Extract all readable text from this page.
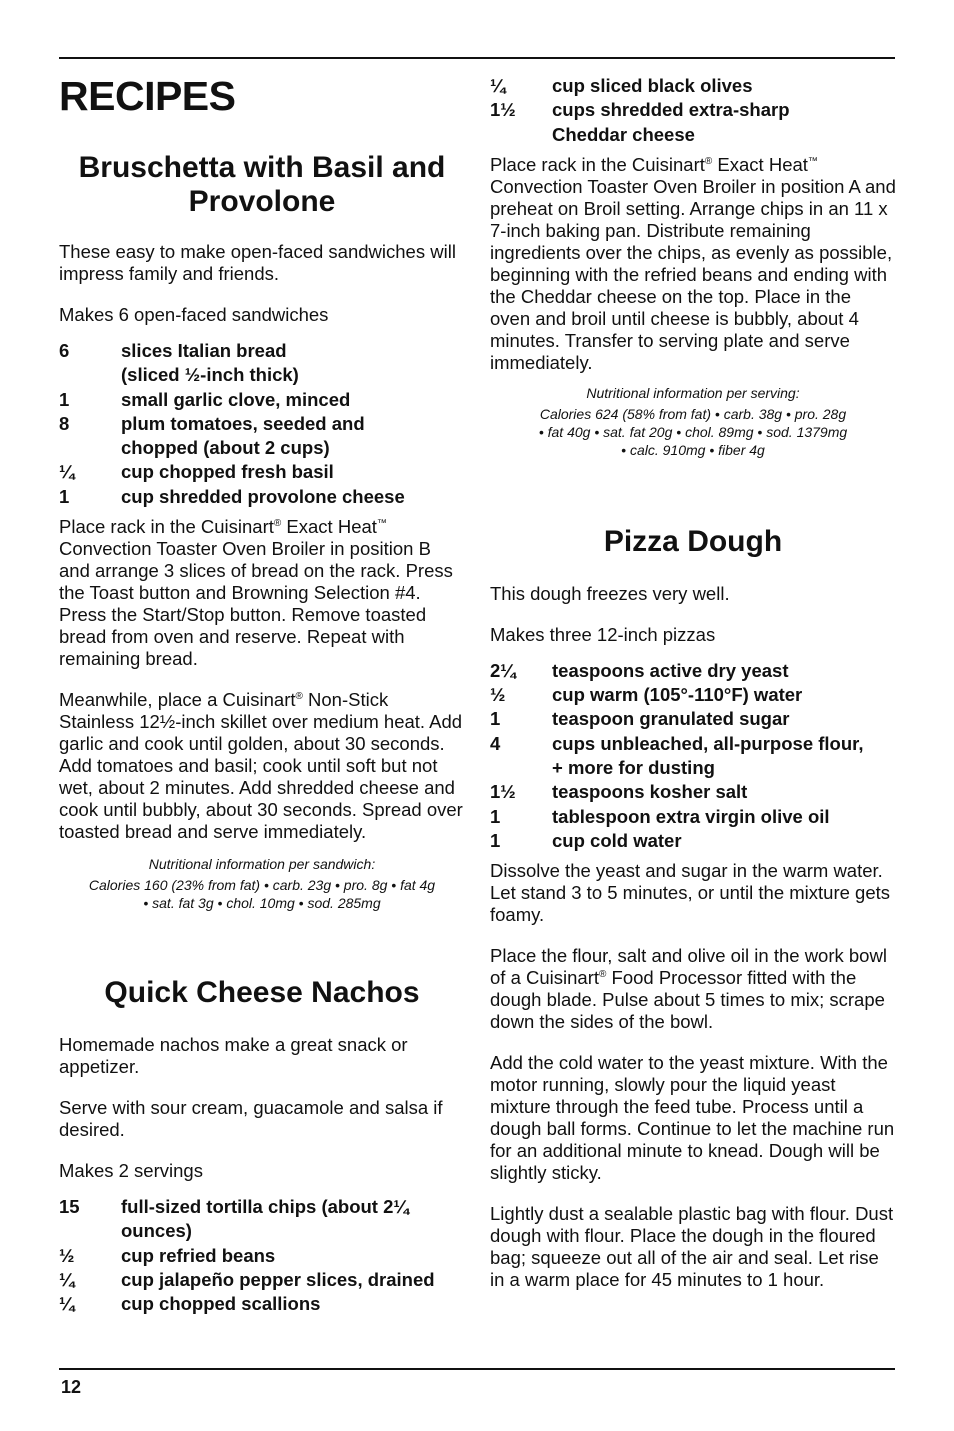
RECIPES
Bruschetta with Basil and
Provolone

These easy to make open-faced sandwiches will impress family and friends.

Makes 6 open-faced sandwiches

6	slices Italian bread
(sliced ½-inch thick)
1	small garlic clove, minced
8	plum tomatoes, seeded and
chopped (about 2 cups)
¼	cup chopped fresh basil
1	cup shredded provolone cheese

Place rack in the Cuisinart® Exact Heat™ Convection Toaster Oven Broiler in position B and arrange 3 slices of bread on the rack. Press the Toast button and Browning Selection #4. Press the Start/Stop button. Remove toasted bread from oven and reserve. Repeat with remaining bread.

Meanwhile, place a Cuisinart® Non-Stick Stainless 12½-inch skillet over medium heat. Add garlic and cook until golden, about 30 seconds. Add tomatoes and basil; cook until soft but not wet, about 2 minutes. Add shredded cheese and cook until bubbly, about 30 seconds. Spread over toasted bread and serve immediately.

Nutritional information per sandwich:
Calories 160 (23% from fat) • carb. 23g • pro. 8g • fat 4g
• sat. fat 3g • chol. 10mg • sod. 285mg
Quick Cheese Nachos

Homemade nachos make a great snack or appetizer.

Serve with sour cream, guacamole and salsa if desired.

Makes 2 servings

15	full-sized tortilla chips (about 2¼
ounces)
½	cup refried beans
¼	cup jalapeño pepper slices, drained
¼	cup chopped scallions
¼	cup sliced black olives
1½	cups shredded extra-sharp
Cheddar cheese

Place rack in the Cuisinart® Exact Heat™ Convection Toaster Oven Broiler in position A and preheat on Broil setting. Arrange chips in an 11 x 7-inch baking pan. Distribute remaining ingredients over the chips, as evenly as possible, beginning with the refried beans and ending with the Cheddar cheese on the top. Place in the oven and broil until cheese is bubbly, about 4 minutes. Transfer to serving plate and serve immediately.

Nutritional information per serving:
Calories 624 (58% from fat) • carb. 38g • pro. 28g
• fat 40g • sat. fat 20g • chol. 89mg • sod. 1379mg
• calc. 910mg • fiber 4g
Pizza Dough

This dough freezes very well.

Makes three 12-inch pizzas

2¼	teaspoons active dry yeast
½	cup warm (105°-110°F) water
1	teaspoon granulated sugar
4	cups unbleached, all-purpose flour,
+ more for dusting
1½	teaspoons kosher salt
1	tablespoon extra virgin olive oil
1	cup cold water

Dissolve the yeast and sugar in the warm water. Let stand 3 to 5 minutes, or until the mixture gets foamy.

Place the flour, salt and olive oil in the work bowl of a Cuisinart® Food Processor fitted with the dough blade. Pulse about 5 times to mix; scrape down the sides of the bowl.

Add the cold water to the yeast mixture. With the motor running, slowly pour the liquid yeast mixture through the feed tube. Process until a dough ball forms. Continue to let the machine run for an additional minute to knead. Dough will be slightly sticky.

Lightly dust a sealable plastic bag with flour. Dust dough with flour. Place the dough in the floured bag; squeeze out all of the air and seal. Let rise in a warm place for 45 minutes to 1 hour.

12
